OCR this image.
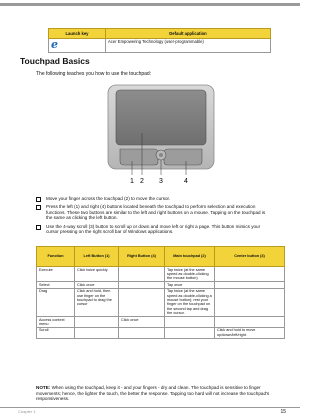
Launch key	Default application
e	Acer Empowering Technology (user-programmable)
Touchpad Basics

The following teaches you how to use the touchpad:

1 2 3	4
Move your finger across the touchpad (2) to move the cursor.
Press the left (1) and right (4) buttons located beneath the touchpad to perform selection and execution functions. These two buttons are similar to the left and right buttons on a mouse. Tapping on the touchpad is the same as clicking the left button.
Use the 4-way scroll (3) button to scroll up or down and move left or right a page. This button mimics your cursor pressing on the right scroll bar of Windows applications.
Function	Left Button (1)	Right Button (4)	Main touchpad (2)	Center button (3)
Execute	Click twice quickly		Tap twice (at the same speed as double-clicking the mouse button)	
Select	Click once		Tap once	
Drag	Click and hold, then use finger on the touchpad to drag the cursor		Tap twice (at the same speed as double-clicking a mouse button); rest your finger on the touchpad on the second tap and drag the cursor.	
Access context menu		Click once		
Scroll				Click and hold to move up/down/left/right.

NOTE: When using the touchpad, keep it - and your fingers - dry and clean. The touchpad is sensitive to finger movements; hence, the lighter the touch, the better the response. Tapping too hard will not increase the touchpad's responsiveness.

Chapter 1	15
